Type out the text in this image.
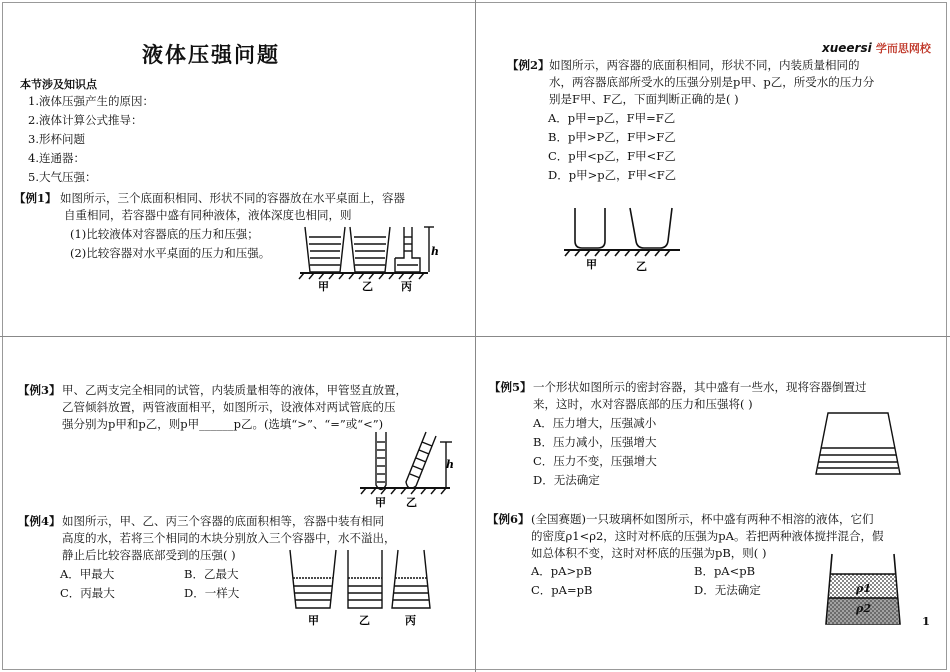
液体压强问题
本节涉及知识点
1.液体压强产生的原因：
2.液体计算公式推导：
3.形杯问题
4.连通器：
5.大气压强：
【例1】 如图所示，三个底面积相同、形状不同的容器放在水平桌面上，容器
自重相同，若容器中盛有同种液体，液体深度也相同，则
(1)比较液体对容器底的压力和压强；
(2)比较容器对水平桌面的压力和压强。	h
甲	乙	丙
xueersi 学而思网校
【例2】 如图所示，两容器的底面积相同，形状不同，内装质量相同的
水，两容器底部所受水的压强分别是p甲、p乙，所受水的压力分
别是F甲、F乙，下面判断正确的是( )
A．p甲=p乙，F甲=F乙
B．p甲>P乙，F甲>F乙
C．p甲<p乙，F甲<F乙
D．p甲>p乙，F甲<F乙
甲	乙
【例3】 甲、乙两支完全相同的试管，内装质量相等的液体，甲管竖直放置，
乙管倾斜放置，两管液面相平，如图所示，设液体对两试管底的压
强分别为p甲和p乙，则p甲______p乙。(选填“>”、“=”或“<”)
h
甲 乙
【例4】 如图所示，甲、乙、丙三个容器的底面积相等，容器中装有相同
高度的水，若将三个相同的木块分别放入三个容器中，水不溢出，
静止后比较容器底部受到的压强( )
A．甲最大	B．乙最大
C．丙最大	D．一样大
甲	乙	丙
【例5】 一个形状如图所示的密封容器，其中盛有一些水，现将容器倒置过
来，这时，水对容器底部的压力和压强将( )
A．压力增大，压强减小
B．压力减小，压强增大
C．压力不变，压强增大
D．无法确定
【例6】 (全国赛题)一只玻璃杯如图所示，杯中盛有两种不相溶的液体，它们
的密度ρ1<ρ2，这时对杯底的压强为pA。若把两种液体搅拌混合，假
如总体积不变，这时对杯底的压强为pB，则( )
A．pA>pB	B．pA<pB
C．pA=pB	D．无法确定	ρ1
ρ2
1
